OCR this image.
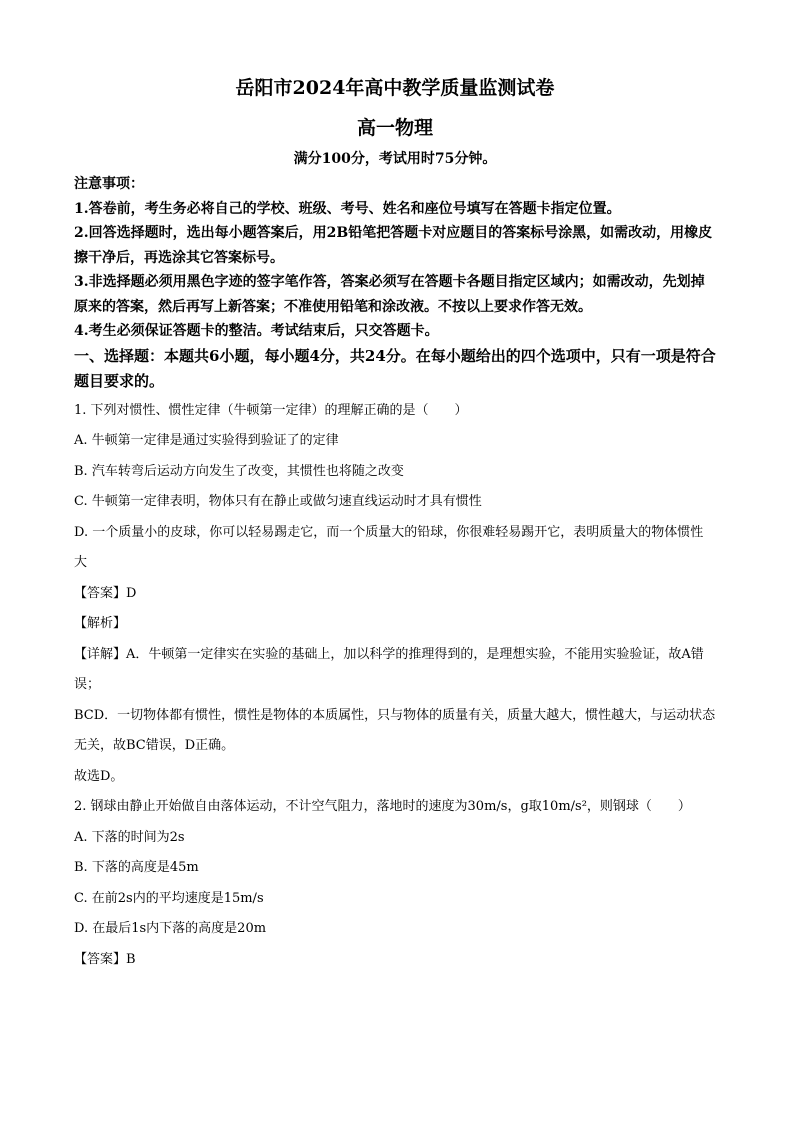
岳阳市2024年高中教学质量监测试卷
高一物理

满分100分，考试用时75分钟。

注意事项：

1.答卷前，考生务必将自己的学校、班级、考号、姓名和座位号填写在答题卡指定位置。

2.回答选择题时，选出每小题答案后，用2B铅笔把答题卡对应题目的答案标号涂黑，如需改动，用橡皮擦干净后，再选涂其它答案标号。

3.非选择题必须用黑色字迹的签字笔作答，答案必须写在答题卡各题目指定区域内；如需改动，先划掉原来的答案，然后再写上新答案；不准使用铅笔和涂改液。不按以上要求作答无效。

4.考生必须保证答题卡的整洁。考试结束后，只交答题卡。

一、选择题：本题共6小题，每小题4分，共24分。在每小题给出的四个选项中，只有一项是符合题目要求的。

1. 下列对惯性、惯性定律（牛顿第一定律）的理解正确的是（　　）

A. 牛顿第一定律是通过实验得到验证了的定律

B. 汽车转弯后运动方向发生了改变，其惯性也将随之改变

C. 牛顿第一定律表明，物体只有在静止或做匀速直线运动时才具有惯性

D. 一个质量小的皮球，你可以轻易踢走它，而一个质量大的铅球，你很难轻易踢开它，表明质量大的物体惯性大

【答案】D

【解析】

【详解】A．牛顿第一定律实在实验的基础上，加以科学的推理得到的，是理想实验，不能用实验验证，故A错误；

BCD．一切物体都有惯性，惯性是物体的本质属性，只与物体的质量有关，质量大越大，惯性越大，与运动状态无关，故BC错误，D正确。

故选D。

2. 钢球由静止开始做自由落体运动，不计空气阻力，落地时的速度为30m/s，g取10m/s²，则钢球（　　）

A. 下落的时间为2s

B. 下落的高度是45m

C. 在前2s内的平均速度是15m/s

D. 在最后1s内下落的高度是20m

【答案】B
